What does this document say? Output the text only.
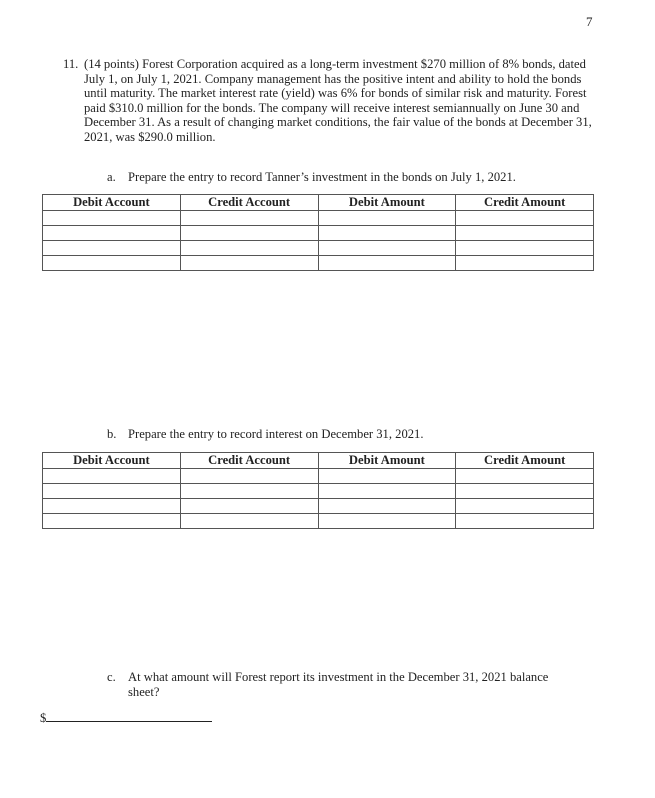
7
11. (14 points) Forest Corporation acquired as a long-term investment $270 million of 8% bonds, dated July 1, on July 1, 2021. Company management has the positive intent and ability to hold the bonds until maturity. The market interest rate (yield) was 6% for bonds of similar risk and maturity. Forest paid $310.0 million for the bonds. The company will receive interest semiannually on June 30 and December 31. As a result of changing market conditions, the fair value of the bonds at December 31, 2021, was $290.0 million.
a. Prepare the entry to record Tanner’s investment in the bonds on July 1, 2021.
Debit Account	Credit Account	Debit Amount	Credit Amount

b. Prepare the entry to record interest on December 31, 2021.
Debit Account	Credit Account	Debit Amount	Credit Amount

c. At what amount will Forest report its investment in the December 31, 2021 balance sheet?
$
